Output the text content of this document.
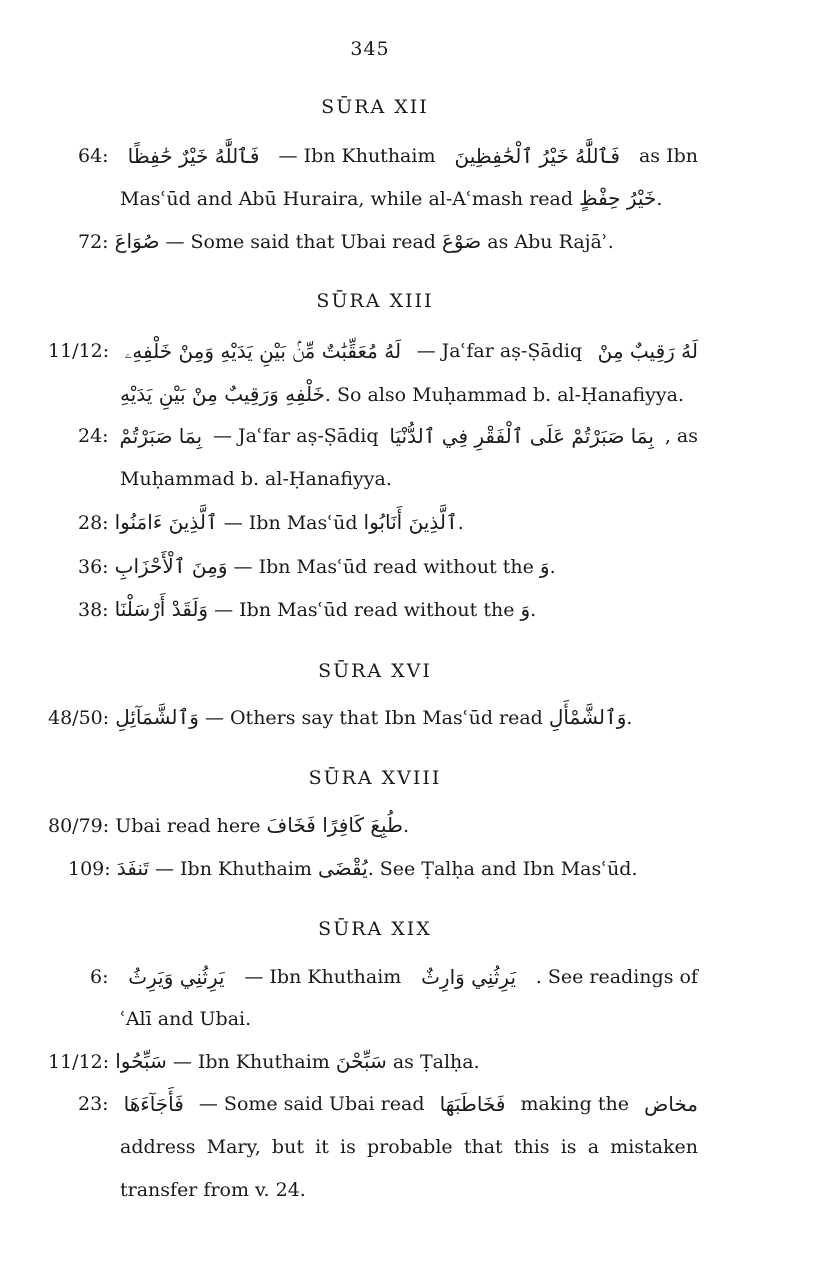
345
SŪRA XII
64: فَٱللَّٰهُ خَيْرٌ حَٰفِظًا — Ibn Khuthaim فَٱللَّٰهُ خَيْرُ ٱلْحَٰفِظِينَ as Ibn
Masʿūd and Abū Huraira, while al-Aʿmash read خَيْرُ حِفْظٍ.
72: صُوَاعَ — Some said that Ubai read صَوْعَ as Abu Rajāʾ.
SŪRA XIII
11/12: لَهُ مُعَقِّبَٰتٌ مِّنۢ بَيْنِ يَدَيْهِ وَمِنْ خَلْفِهِۦ — Jaʿfar aṣ-Ṣādiq لَهُ رَقِيبٌ مِنْ
خَلْفِهِ وَرَقِيبٌ مِنْ بَيْنِ يَدَيْهِ. So also Muḥammad b. al-Ḥanafiyya.
24: بِمَا صَبَرْتُمْ — Jaʿfar aṣ-Ṣādiq بِمَا صَبَرْتُمْ عَلَى ٱلْفَقْرِ فِي ٱلدُّنْيَا , as
Muḥammad b. al-Ḥanafiyya.
28: ٱلَّذِينَ ءَامَنُوا — Ibn Masʿūd ٱلَّذِينَ أَنَابُوا.
36: وَمِنَ ٱلْأَحْزَابِ — Ibn Masʿūd read without the وَ.
38: وَلَقَدْ أَرْسَلْنَا — Ibn Masʿūd read without the وَ.
SŪRA XVI
48/50: وَٱلشَّمَآئِلِ — Others say that Ibn Masʿūd read وَٱلشَّمْأَلِ.
SŪRA XVIII
80/79: Ubai read here طُبِعَ كَافِرًا فَخَافَ.
109: تَنفَدَ — Ibn Khuthaim يُقْضَى. See Ṭalḥa and Ibn Masʿūd.
SŪRA XIX
6: يَرِثُنِي وَيَرِثُ — Ibn Khuthaim يَرِثُنِي وَارِثٌ . See readings of
ʿAlī and Ubai.
11/12: سَبِّحُوا — Ibn Khuthaim سَبِّحْنَ as Ṭalḥa.
23: فَأَجَآءَهَا — Some said Ubai read فَخَاطَبَهَا making the مخاض
address Mary, but it is probable that this is a mistaken
transfer from v. 24.
